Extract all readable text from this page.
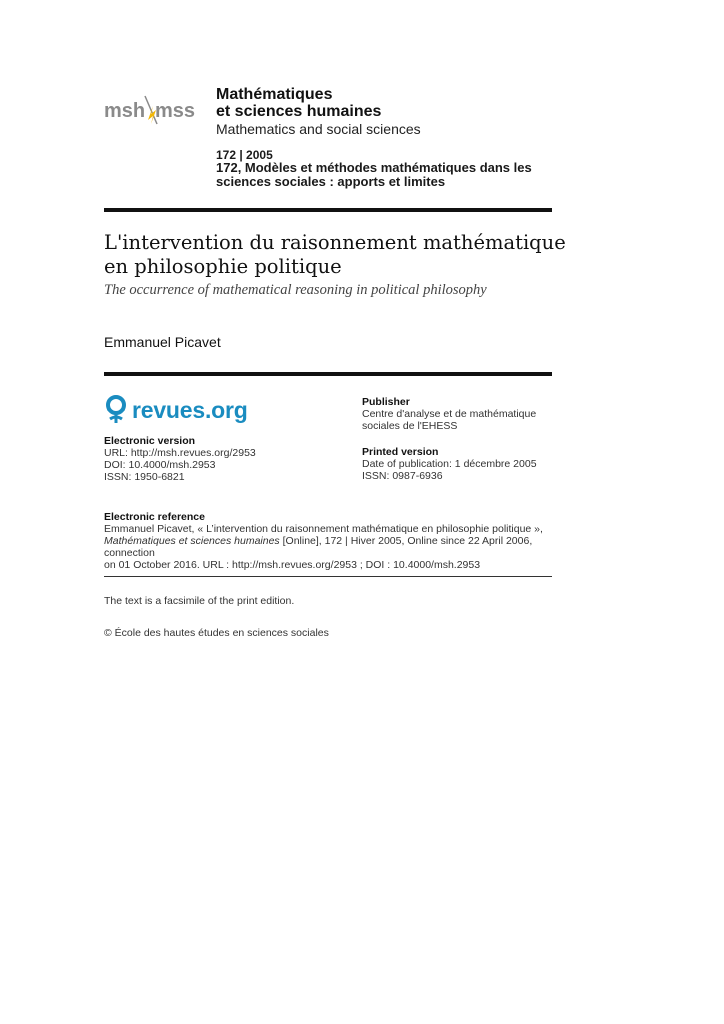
msh mss
Mathématiques
et sciences humaines
Mathematics and social sciences
172 | 2005
172, Modèles et méthodes mathématiques dans les sciences sociales : apports et limites
L'intervention du raisonnement mathématique en philosophie politique
The occurrence of mathematical reasoning in political philosophy
Emmanuel Picavet
revues.org
Electronic version
URL: http://msh.revues.org/2953
DOI: 10.4000/msh.2953
ISSN: 1950-6821
Publisher
Centre d'analyse et de mathématique
sociales de l'EHESS
Printed version
Date of publication: 1 décembre 2005
ISSN: 0987-6936
Electronic reference
Emmanuel Picavet, « L’intervention du raisonnement mathématique en philosophie politique »,
Mathématiques et sciences humaines [Online], 172 | Hiver 2005, Online since 22 April 2006, connection
on 01 October 2016. URL : http://msh.revues.org/2953 ; DOI : 10.4000/msh.2953
The text is a facsimile of the print edition.
© École des hautes études en sciences sociales
